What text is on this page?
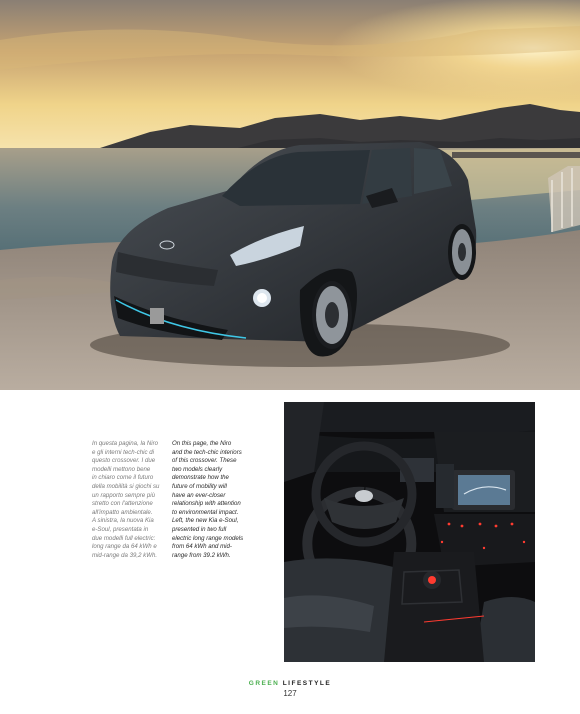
In questa pagina, la Niro
e gli interni tech-chic di
questo crossover. I due
modelli mettono bene
in chiaro come il futuro
della mobilità si giochi su
un rapporto sempre più
stretto con l'attenzione
all'impatto ambientale.
A sinistra, la nuova Kia
e-Soul, presentata in
due modelli full electric:
long range da 64 kWh e
mid-range da 39,2 kWh.

On this page, the Niro
and the tech-chic interiors
of this crossover. These
two models clearly
demonstrate how the
future of mobility will
have an ever-closer
relationship with attention
to environmental impact.
Left, the new Kia e-Soul,
presented in two full
electric long range models
from 64 kWh and mid-
range from 39.2 kWh.

GREEN LIFESTYLE
127
